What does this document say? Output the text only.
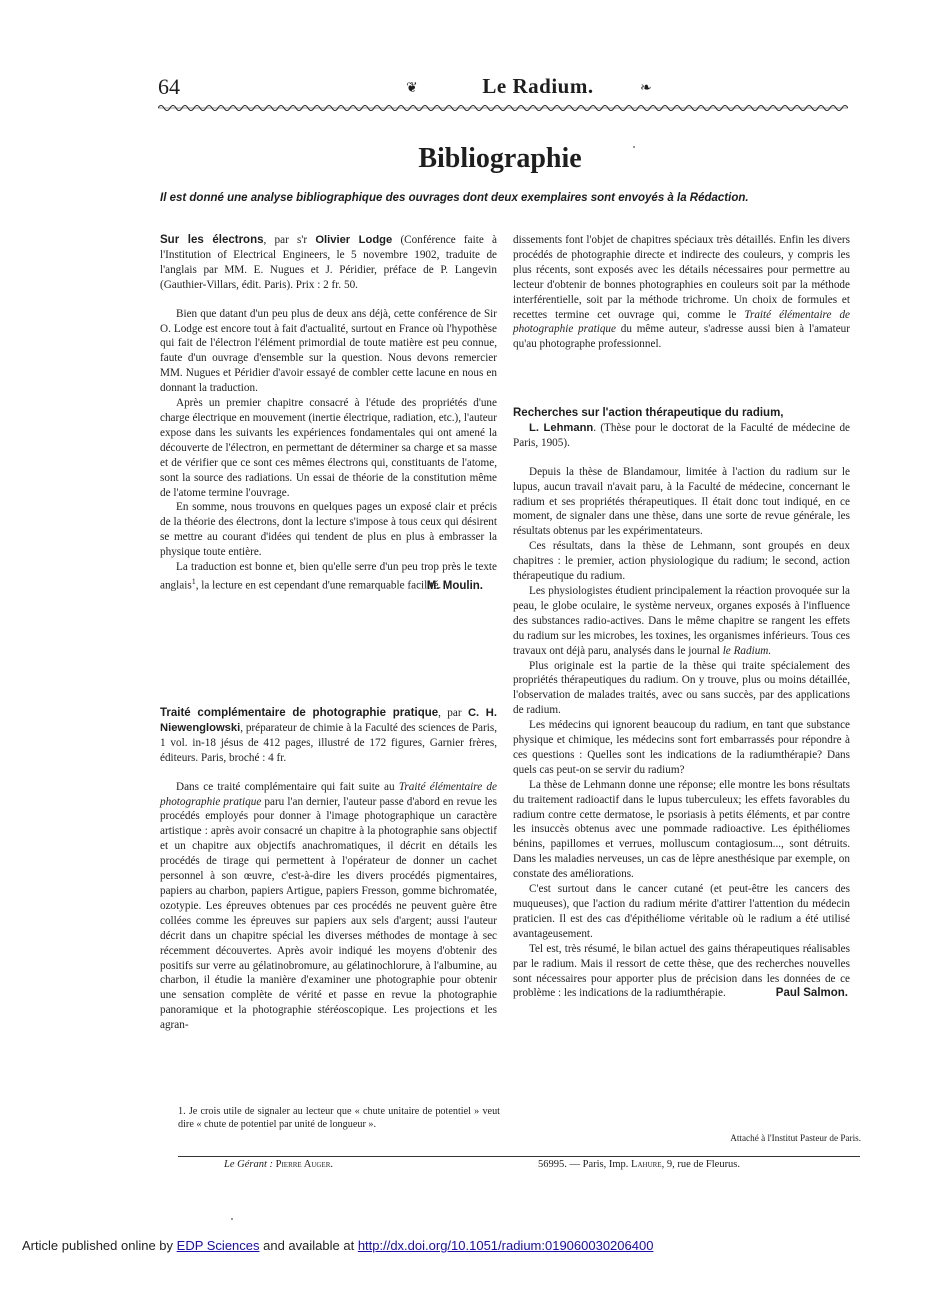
64	❦	Le Radium.	❧
Bibliographie
Il est donné une analyse bibliographique des ouvrages dont deux exemplaires sont envoyés à la Rédaction.

Sur les électrons, par s'r Olivier Lodge (Conférence faite à l'Institution of Electrical Engineers, le 5 novembre 1902, traduite de l'anglais par MM. E. Nugues et J. Péridier, préface de P. Langevin (Gauthier-Villars, édit. Paris). Prix : 2 fr. 50.

Bien que datant d'un peu plus de deux ans déjà, cette conférence de Sir O. Lodge est encore tout à fait d'actualité, surtout en France où l'hypothèse qui fait de l'électron l'élément primordial de toute matière est peu connue, faute d'un ouvrage d'ensemble sur la question. Nous devons remercier MM. Nugues et Péridier d'avoir essayé de combler cette lacune en nous en donnant la traduction.

Après un premier chapitre consacré à l'étude des propriétés d'une charge électrique en mouvement (inertie électrique, radiation, etc.), l'auteur expose dans les suivants les expériences fondamentales qui ont amené la découverte de l'électron, en permettant de déterminer sa charge et sa masse et de vérifier que ce sont ces mêmes électrons qui, constituants de l'atome, sont la source des radiations. Un essai de théorie de la constitution même de l'atome termine l'ouvrage.

En somme, nous trouvons en quelques pages un exposé clair et précis de la théorie des électrons, dont la lecture s'impose à tous ceux qui désirent se mettre au courant d'idées qui tendent de plus en plus à embrasser la physique toute entière.

La traduction est bonne et, bien qu'elle serre d'un peu trop près le texte anglais$^1$, la lecture en est cependant d'une remarquable facilité.

M. Moulin.

Traité complémentaire de photographie pratique, par C. H. Niewenglowski, préparateur de chimie à la Faculté des sciences de Paris, 1 vol. in-18 jésus de 412 pages, illustré de 172 figures, Garnier frères, éditeurs. Paris, broché : 4 fr.

Dans ce traité complémentaire qui fait suite au Traité élémentaire de photographie pratique paru l'an dernier, l'auteur passe d'abord en revue les procédés employés pour donner à l'image photographique un caractère artistique : après avoir consacré un chapitre à la photographie sans objectif et un chapitre aux objectifs anachromatiques, il décrit en détails les procédés de tirage qui permettent à l'opérateur de donner un cachet personnel à son œuvre, c'est-à-dire les divers procédés pigmentaires, papiers au charbon, papiers Artigue, papiers Fresson, gomme bichromatée, ozotypie. Les épreuves obtenues par ces procédés ne peuvent guère être collées comme les épreuves sur papiers aux sels d'argent; aussi l'auteur décrit dans un chapitre spécial les diverses méthodes de montage à sec récemment découvertes. Après avoir indiqué les moyens d'obtenir des positifs sur verre au gélatinobromure, au gélatinochlorure, à l'albumine, au charbon, il étudie la manière d'examiner une photographie pour obtenir une sensation complète de vérité et passe en revue la photographie panoramique et la photographie stéréoscopique. Les projections et les agran-

1. Je crois utile de signaler au lecteur que « chute unitaire de potentiel » veut dire « chute de potentiel par unité de longueur ».

dissements font l'objet de chapitres spéciaux très détaillés. Enfin les divers procédés de photographie directe et indirecte des couleurs, y compris les plus récents, sont exposés avec les détails nécessaires pour permettre au lecteur d'obtenir de bonnes photographies en couleurs soit par la méthode interférentielle, soit par la méthode trichrome. Un choix de formules et recettes termine cet ouvrage qui, comme le Traité élémentaire de photographie pratique du même auteur, s'adresse aussi bien à l'amateur qu'au photographe professionnel.

Recherches sur l'action thérapeutique du radium,
L. Lehmann. (Thèse pour le doctorat de la Faculté de médecine de Paris, 1905).

Depuis la thèse de Blandamour, limitée à l'action du radium sur le lupus, aucun travail n'avait paru, à la Faculté de médecine, concernant le radium et ses propriétés thérapeutiques. Il était donc tout indiqué, en ce moment, de signaler dans une thèse, dans une sorte de revue générale, les résultats obtenus par les expérimentateurs.

Ces résultats, dans la thèse de Lehmann, sont groupés en deux chapitres : le premier, action physiologique du radium; le second, action thérapeutique du radium.

Les physiologistes étudient principalement la réaction provoquée sur la peau, le globe oculaire, le système nerveux, organes exposés à l'influence des substances radio-actives. Dans le même chapitre se rangent les effets du radium sur les microbes, les toxines, les organismes inférieurs. Tous ces travaux ont déjà paru, analysés dans le journal le Radium.

Plus originale est la partie de la thèse qui traite spécialement des propriétés thérapeutiques du radium. On y trouve, plus ou moins détaillée, l'observation de malades traités, avec ou sans succès, par des applications de radium.

Les médecins qui ignorent beaucoup du radium, en tant que substance physique et chimique, les médecins sont fort embarrassés pour répondre à ces questions : Quelles sont les indications de la radiumthérapie? Dans quels cas peut-on se servir du radium?

La thèse de Lehmann donne une réponse; elle montre les bons résultats du traitement radioactif dans le lupus tuberculeux; les effets favorables du radium contre cette dermatose, le psoriasis à petits éléments, et par contre les insuccès obtenus avec une pommade radioactive. Les épithéliomes bénins, papillomes et verrues, molluscum contagiosum..., sont détruits. Dans les maladies nerveuses, un cas de lèpre anesthésique par exemple, on constate des améliorations.

C'est surtout dans le cancer cutané (et peut-être les cancers des muqueuses), que l'action du radium mérite d'attirer l'attention du médecin praticien. Il est des cas d'épithéliome véritable où le radium a été utilisé avantageusement.

Tel est, très résumé, le bilan actuel des gains thérapeutiques réalisables par le radium. Mais il ressort de cette thèse, que des recherches nouvelles sont nécessaires pour apporter plus de précision dans les données de ce problème : les indications de la radiumthérapie.	Paul Salmon.
Attaché à l'Institut Pasteur de Paris.
Le Gérant : Pierre Auger.	56995. — Paris, Imp. Lahure, 9, rue de Fleurus.
Article published online by EDP Sciences and available at http://dx.doi.org/10.1051/radium:019060030206400
